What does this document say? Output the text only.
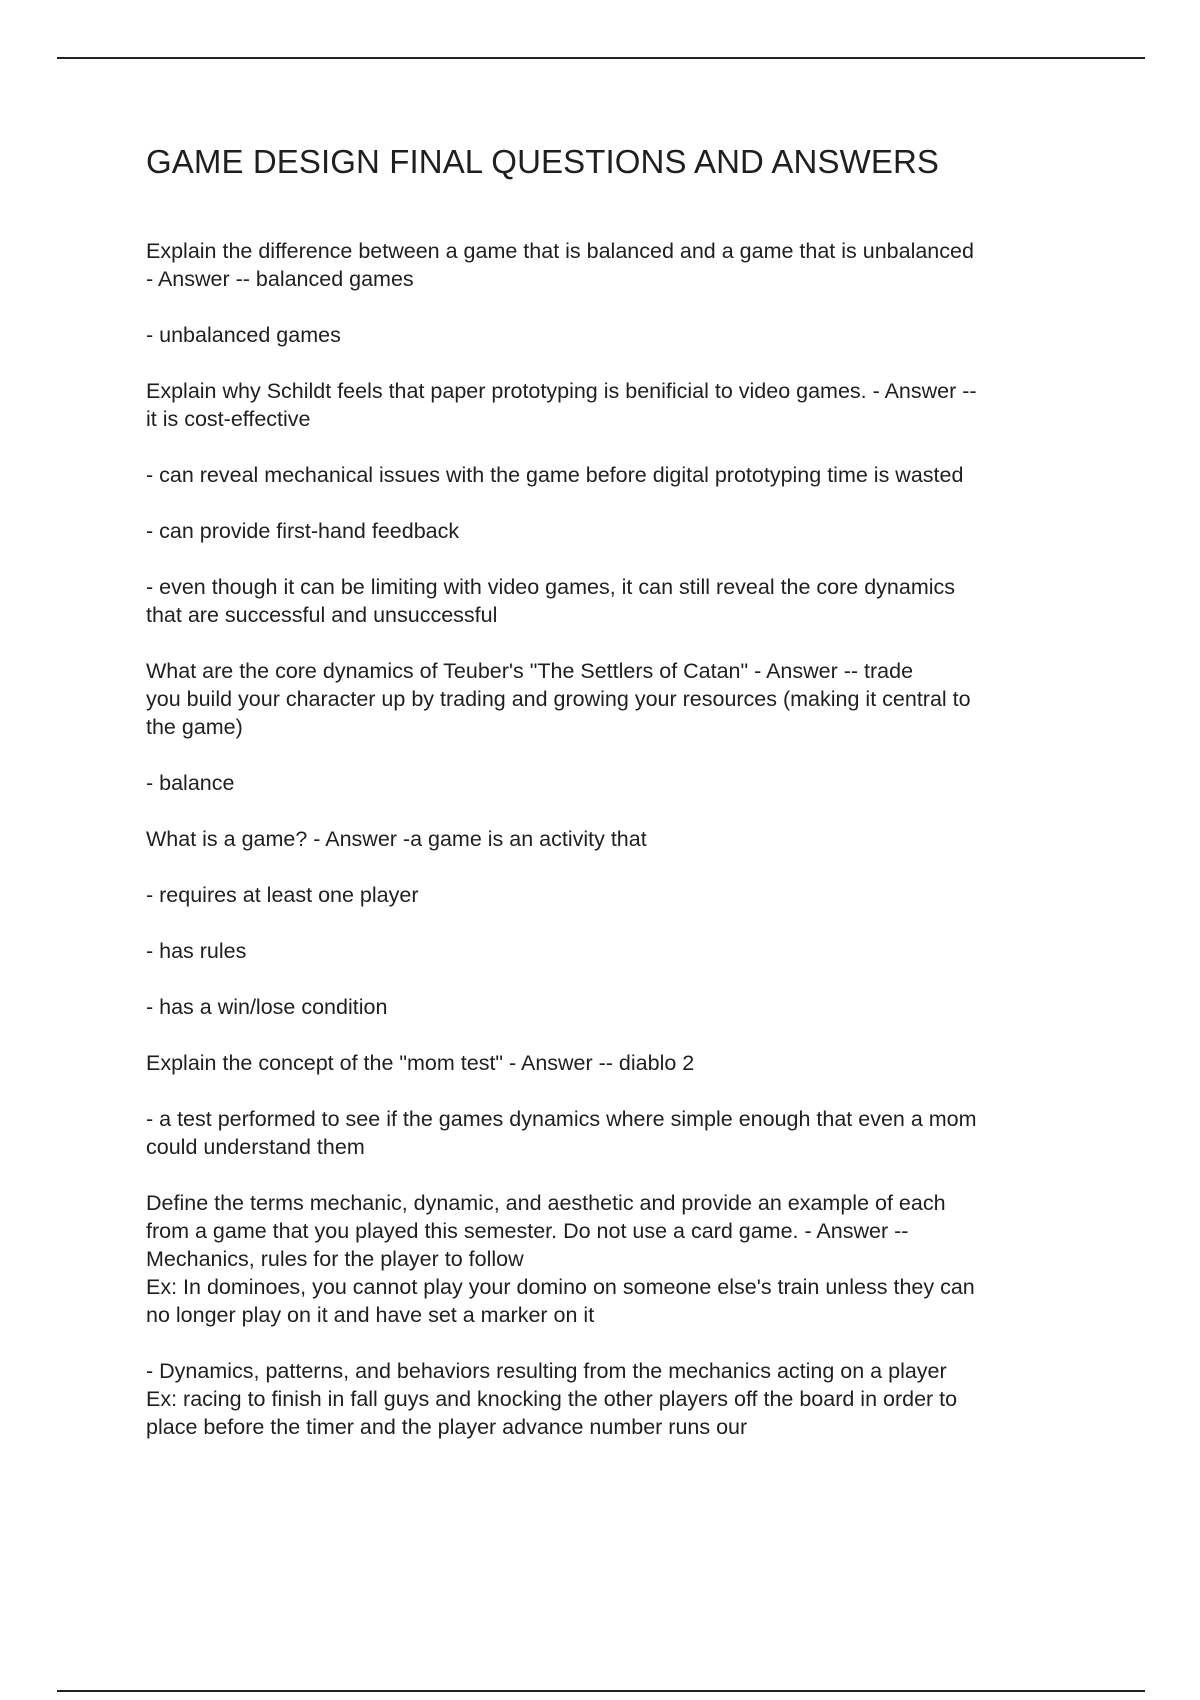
GAME DESIGN FINAL QUESTIONS AND ANSWERS

Explain the difference between a game that is balanced and a game that is unbalanced
- Answer -- balanced games

- unbalanced games

Explain why Schildt feels that paper prototyping is benificial to video games. - Answer --
it is cost-effective

- can reveal mechanical issues with the game before digital prototyping time is wasted

- can provide first-hand feedback

- even though it can be limiting with video games, it can still reveal the core dynamics
that are successful and unsuccessful

What are the core dynamics of Teuber's "The Settlers of Catan" - Answer -- trade
you build your character up by trading and growing your resources (making it central to
the game)

- balance

What is a game? - Answer -a game is an activity that

- requires at least one player

- has rules

- has a win/lose condition

Explain the concept of the "mom test" - Answer -- diablo 2

- a test performed to see if the games dynamics where simple enough that even a mom
could understand them

Define the terms mechanic, dynamic, and aesthetic and provide an example of each
from a game that you played this semester. Do not use a card game. - Answer --
Mechanics, rules for the player to follow
Ex: In dominoes, you cannot play your domino on someone else's train unless they can
no longer play on it and have set a marker on it

- Dynamics, patterns, and behaviors resulting from the mechanics acting on a player
Ex: racing to finish in fall guys and knocking the other players off the board in order to
place before the timer and the player advance number runs our
